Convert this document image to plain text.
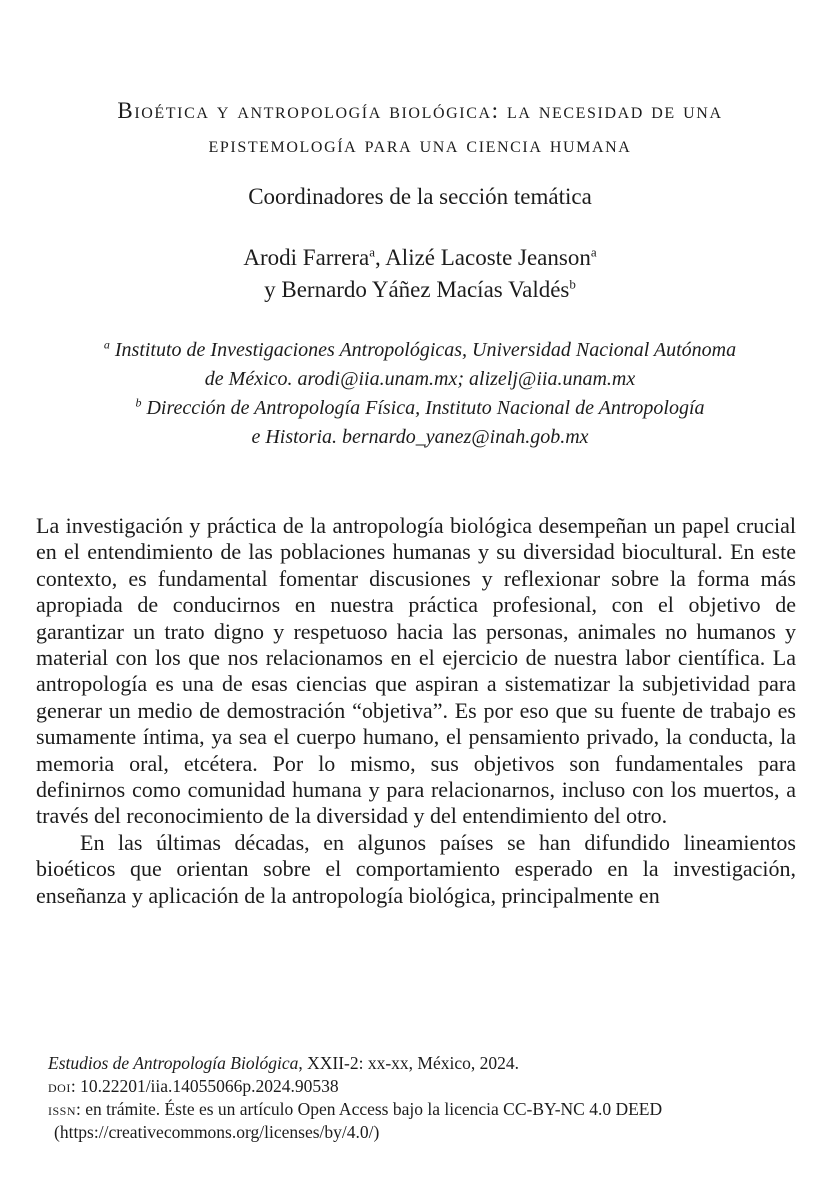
Bioética y antropología biológica: la necesidad de una
epistemología para una ciencia humana
Coordinadores de la sección temática
Arodi Farrera$^a$, Alizé Lacoste Jeanson$^a$
y Bernardo Yáñez Macías Valdés$^b$
$^a$ Instituto de Investigaciones Antropológicas, Universidad Nacional Autónoma
de México. arodi@iia.unam.mx; alizelj@iia.unam.mx
$^b$ Dirección de Antropología Física, Instituto Nacional de Antropología
e Historia. bernardo_yanez@inah.gob.mx

La investigación y práctica de la antropología biológica desempeñan un papel crucial en el entendimiento de las poblaciones humanas y su diversidad biocultural. En este contexto, es fundamental fomentar discusiones y reflexionar sobre la forma más apropiada de conducirnos en nuestra práctica profesional, con el objetivo de garantizar un trato digno y respetuoso hacia las personas, animales no humanos y material con los que nos relacionamos en el ejercicio de nuestra labor científica. La antropología es una de esas ciencias que aspiran a sistematizar la subjetividad para generar un medio de demostración “objetiva”. Es por eso que su fuente de trabajo es sumamente íntima, ya sea el cuerpo humano, el pensamiento privado, la conducta, la memoria oral, etcétera. Por lo mismo, sus objetivos son fundamentales para definirnos como comunidad humana y para relacionarnos, incluso con los muertos, a través del reconocimiento de la diversidad y del entendimiento del otro.

En las últimas décadas, en algunos países se han difundido lineamientos bioéticos que orientan sobre el comportamiento esperado en la investigación, enseñanza y aplicación de la antropología biológica, principalmente en

Estudios de Antropología Biológica, XXII-2: xx-xx, México, 2024.
doi: 10.22201/iia.14055066p.2024.90538
issn: en trámite. Éste es un artículo Open Access bajo la licencia CC-BY-NC 4.0 DEED
(https://creativecommons.org/licenses/by/4.0/)
